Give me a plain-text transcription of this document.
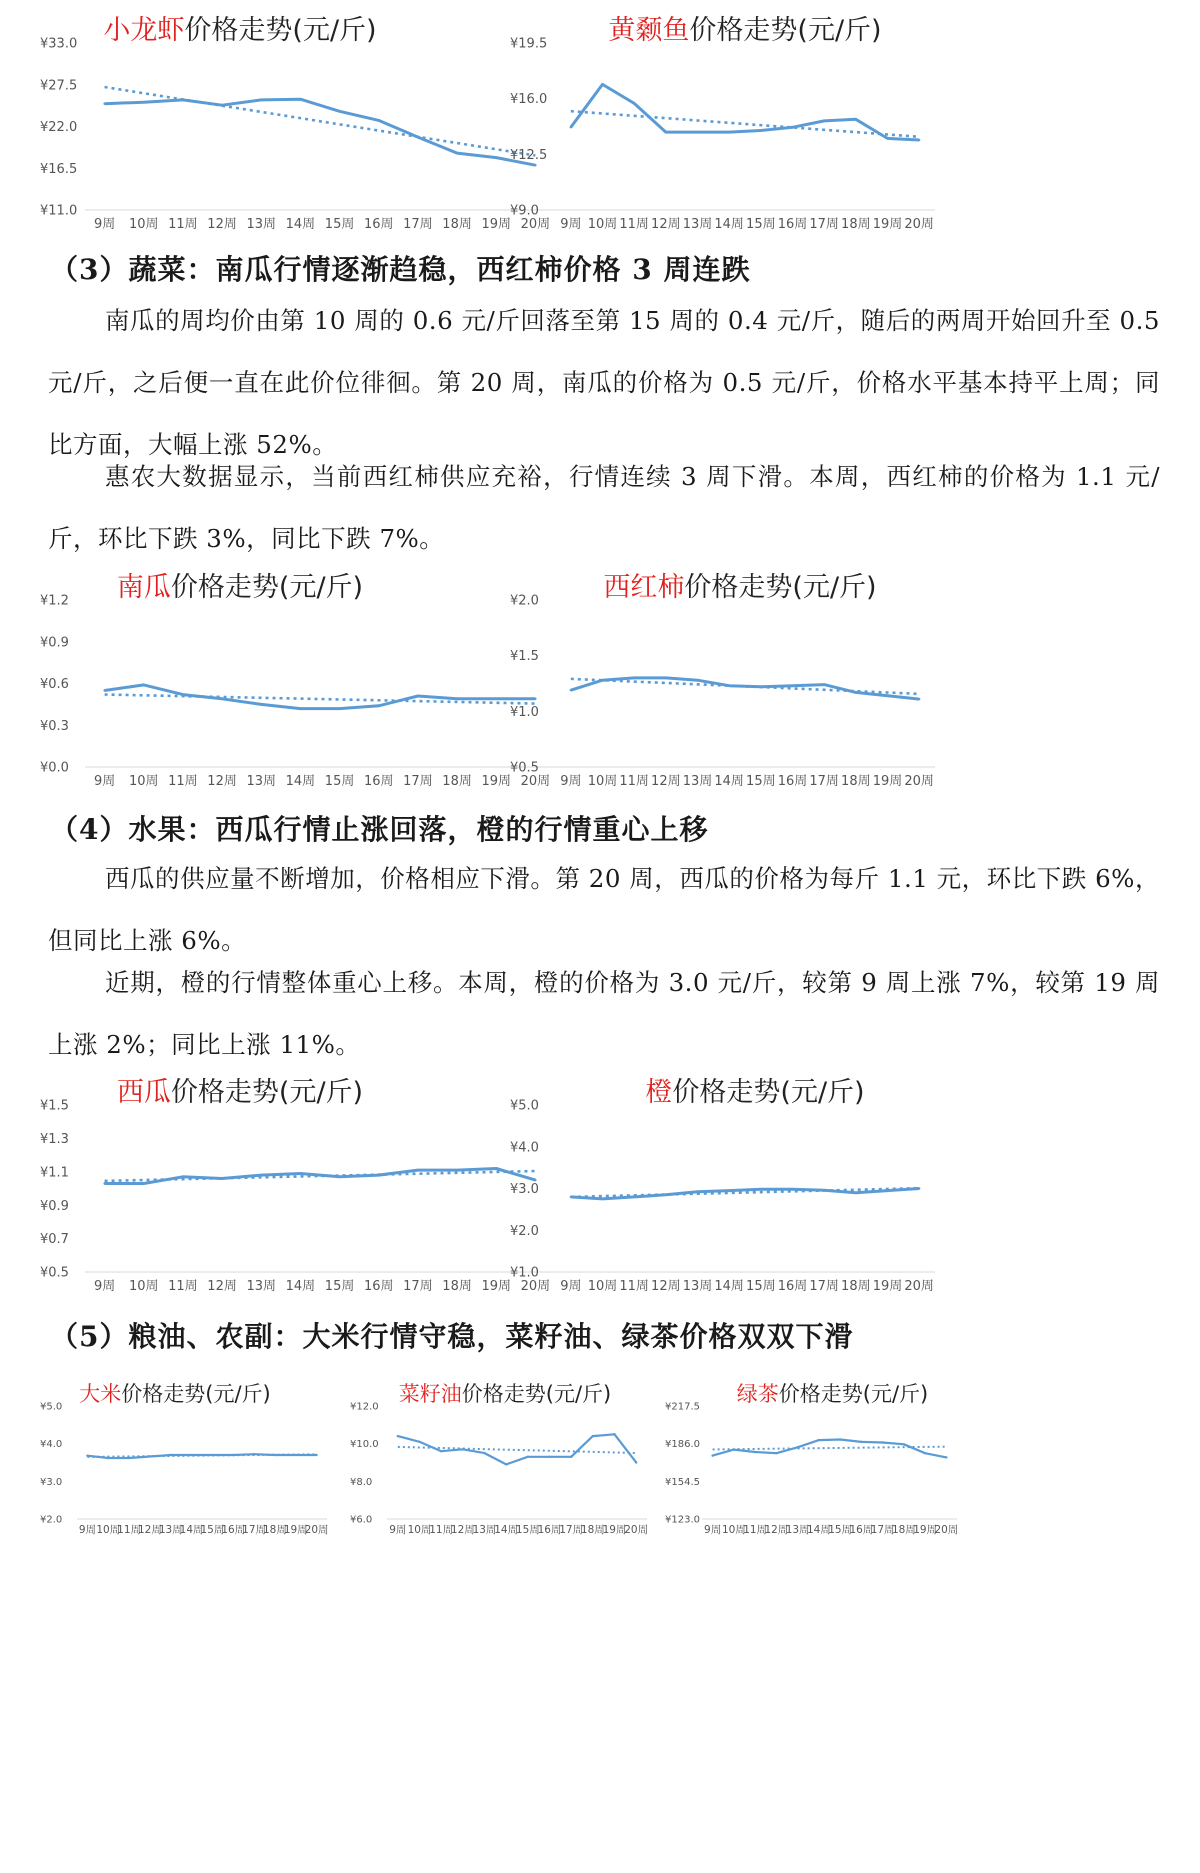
小龙虾价格走势(元/斤)
¥33.0
¥27.5
¥22.0
¥16.5
¥11.0
9周 10周 11周 12周 13周 14周 15周 16周 17周 18周 19周 20周
黄颡鱼价格走势(元/斤)
¥19.5
¥16.0
¥12.5
¥9.0
9周 10周 11周 12周 13周 14周 15周 16周 17周 18周 19周 20周
（3）蔬菜：南瓜行情逐渐趋稳，西红柿价格 3 周连跌
南瓜的周均价由第 10 周的 0.6 元/斤回落至第 15 周的 0.4 元/斤，随后的两周开始回升至 0.5 元/斤，之后便一直在此价位徘徊。第 20 周，南瓜的价格为 0.5 元/斤，价格水平基本持平上周；同比方面，大幅上涨 52%。
惠农大数据显示，当前西红柿供应充裕，行情连续 3 周下滑。本周，西红柿的价格为 1.1 元/斤，环比下跌 3%，同比下跌 7%。
南瓜价格走势(元/斤)
¥1.2
¥0.9
¥0.6
¥0.3
¥0.0
9周 10周 11周 12周 13周 14周 15周 16周 17周 18周 19周 20周
西红柿价格走势(元/斤)
¥2.0
¥1.5
¥1.0
¥0.5
9周 10周 11周 12周 13周 14周 15周 16周 17周 18周 19周 20周
（4）水果：西瓜行情止涨回落，橙的行情重心上移
西瓜的供应量不断增加，价格相应下滑。第 20 周，西瓜的价格为每斤 1.1 元，环比下跌 6%，但同比上涨 6%。
近期，橙的行情整体重心上移。本周，橙的价格为 3.0 元/斤，较第 9 周上涨 7%，较第 19 周上涨 2%；同比上涨 11%。
西瓜价格走势(元/斤)
¥1.5
¥1.3
¥1.1
¥0.9
¥0.7
¥0.5
9周 10周 11周 12周 13周 14周 15周 16周 17周 18周 19周 20周
橙价格走势(元/斤)
¥5.0
¥4.0
¥3.0
¥2.0
¥1.0
9周 10周 11周 12周 13周 14周 15周 16周 17周 18周 19周 20周
（5）粮油、农副：大米行情守稳，菜籽油、绿茶价格双双下滑
大米价格走势(元/斤)
¥5.0
¥4.0
¥3.0
¥2.0
9周 10周
11周
12周
13周
14周
15周
16周
17周
18周
19周
20周
菜籽油价格走势(元/斤)
¥12.0
¥10.0
¥8.0
¥6.0
9周 10周
11周
12周
13周
14周
15周
16周
17周
18周
19周
20周
绿茶价格走势(元/斤)
¥217.5
¥186.0
¥154.5
¥123.0
9周 10周
11周
12周
13周
14周
15周
16周
17周
18周
19周
20周
